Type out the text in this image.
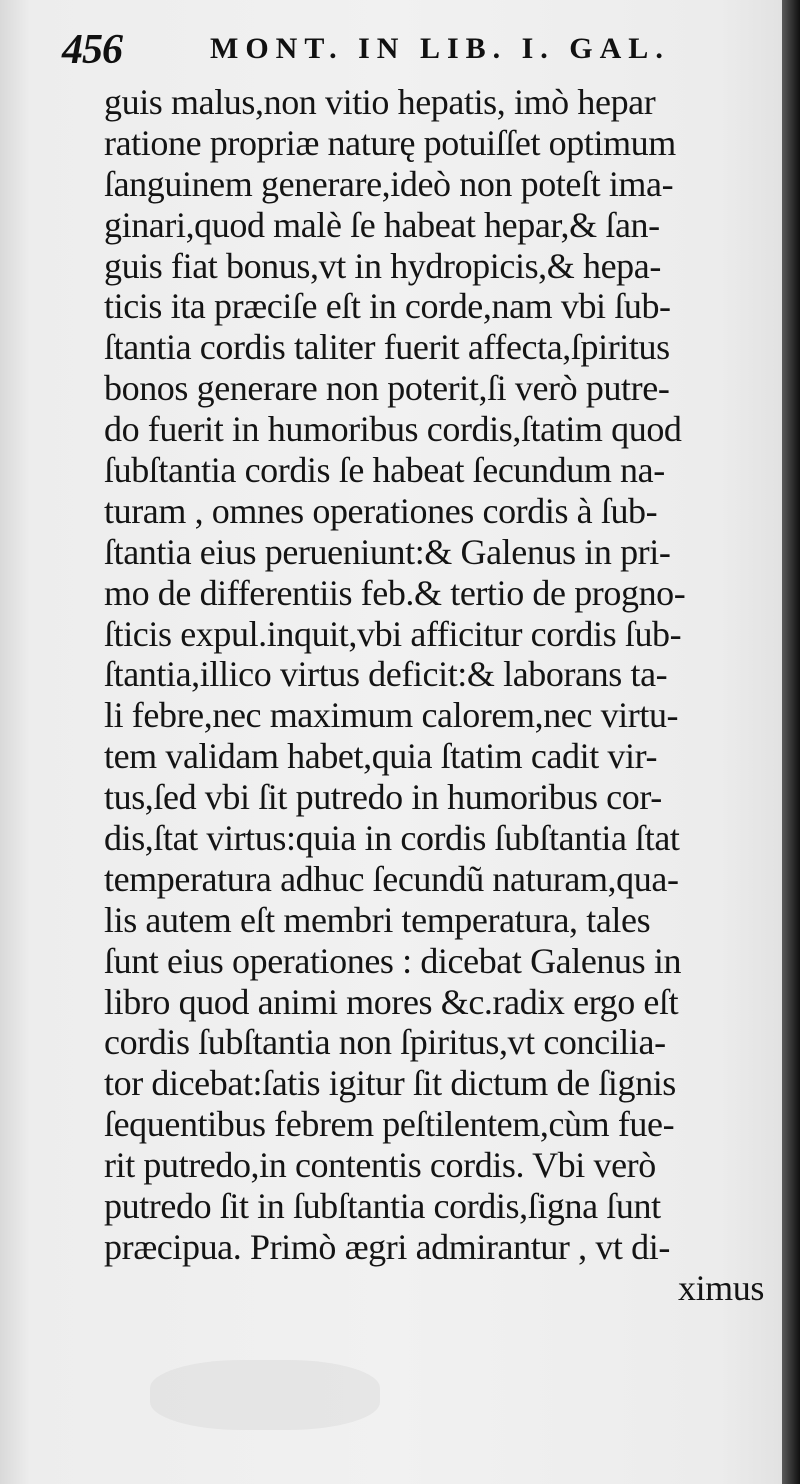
456	MONT. IN LIB. I. GAL.
guis malus,non vitio hepatis, imò hepar
ratione propriæ naturę potuiſſet optimum
ſanguinem generare,ideò non poteſt ima-
ginari,quod malè ſe habeat hepar,& ſan-
guis fiat bonus,vt in hydropicis,& hepa-
ticis ita præciſe eſt in corde,nam vbi ſub-
ſtantia cordis taliter fuerit affecta,ſpiritus
bonos generare non poterit,ſi verò putre-
do fuerit in humoribus cordis,ſtatim quod
ſubſtantia cordis ſe habeat ſecundum na-
turam , omnes operationes cordis à ſub-
ſtantia eius perueniunt:& Galenus in pri-
mo de differentiis feb.& tertio de progno-
ſticis expul.inquit,vbi afficitur cordis ſub-
ſtantia,illico virtus deficit:& laborans ta-
li febre,nec maximum calorem,nec virtu-
tem validam habet,quia ſtatim cadit vir-
tus,ſed vbi ſit putredo in humoribus cor-
dis,ſtat virtus:quia in cordis ſubſtantia ſtat
temperatura adhuc ſecundũ naturam,qua-
lis autem eſt membri temperatura, tales
ſunt eius operationes : dicebat Galenus in
libro quod animi mores &c.radix ergo eſt
cordis ſubſtantia non ſpiritus,vt concilia-
tor dicebat:ſatis igitur ſit dictum de ſignis
ſequentibus febrem peſtilentem,cùm fue-
rit putredo,in contentis cordis. Vbi verò
putredo ſit in ſubſtantia cordis,ſigna ſunt
præcipua. Primò ægri admirantur , vt di-
ximus
